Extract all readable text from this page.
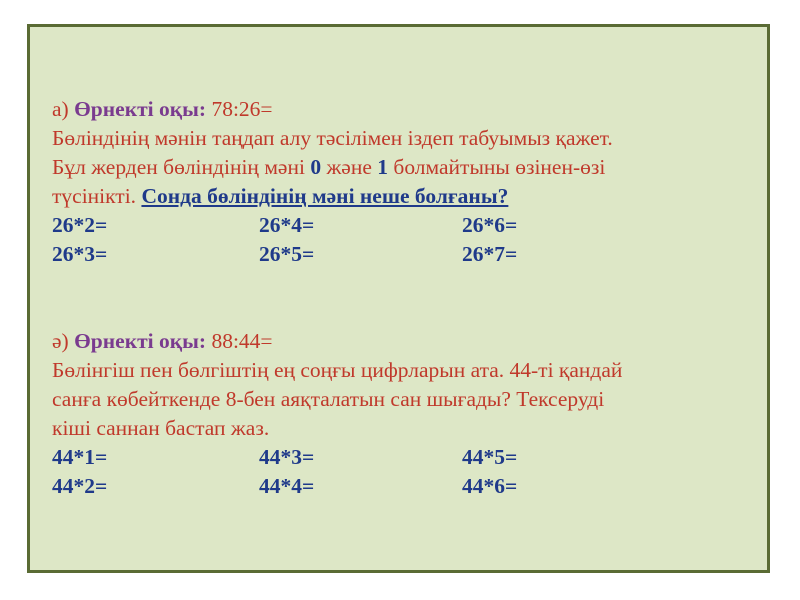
а) Өрнекті оқы: 78:26=
Бөліндінің мәнін таңдап алу тәсілімен іздеп табуымыз қажет.
Бұл жерден бөліндінің мәні 0 және 1 болмайтыны өзінен-өзі
түсінікті. Сонда бөліндінің мәні неше болғаны?
26*2=	26*4=	26*6=
26*3=	26*5=	26*7=
ә) Өрнекті оқы: 88:44=
Бөлінгіш пен бөлгіштің ең соңғы цифрларын ата. 44-ті қандай
санға көбейткенде 8-бен аяқталатын сан шығады? Тексеруді
кіші саннан бастап жаз.
44*1=	44*3=	44*5=
44*2=	44*4=	44*6=
